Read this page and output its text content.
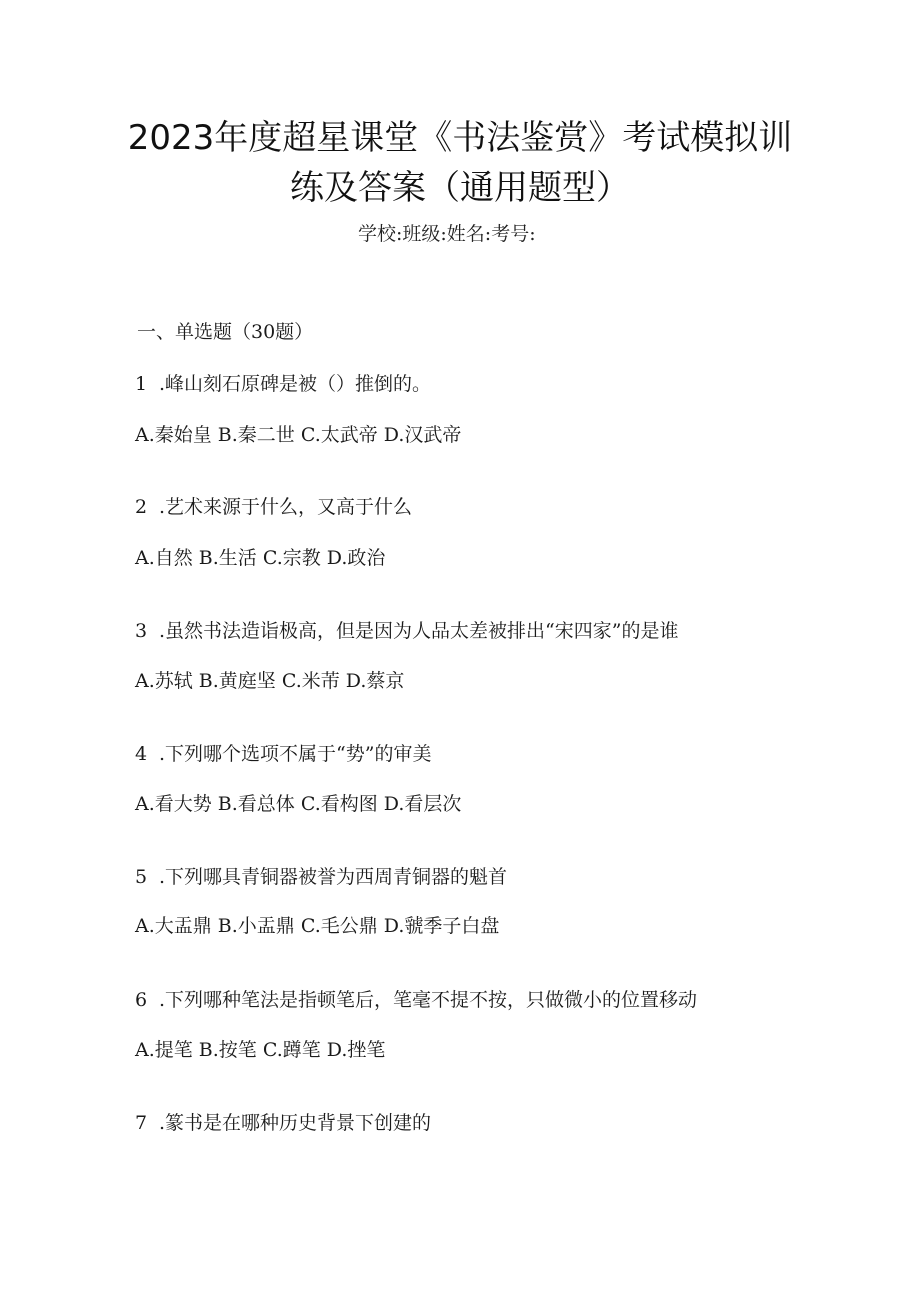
2023年度超星课堂《书法鉴赏》考试模拟训
练及答案（通用题型）
学校:班级:姓名:考号:
一、单选题（30题）
1 .峰山刻石原碑是被（）推倒的。
A.秦始皇 B.秦二世 C.太武帝 D.汉武帝
2 .艺术来源于什么，又高于什么
A.自然 B.生活 C.宗教 D.政治
3 .虽然书法造诣极高，但是因为人品太差被排出“宋四家”的是谁
A.苏轼 B.黄庭坚 C.米芾 D.蔡京
4 .下列哪个选项不属于“势”的审美
A.看大势 B.看总体 C.看构图 D.看层次
5 .下列哪具青铜器被誉为西周青铜器的魁首
A.大盂鼎 B.小盂鼎 C.毛公鼎 D.虢季子白盘
6 .下列哪种笔法是指顿笔后，笔毫不提不按，只做微小的位置移动
A.提笔 B.按笔 C.蹲笔 D.挫笔
7 .篆书是在哪种历史背景下创建的
